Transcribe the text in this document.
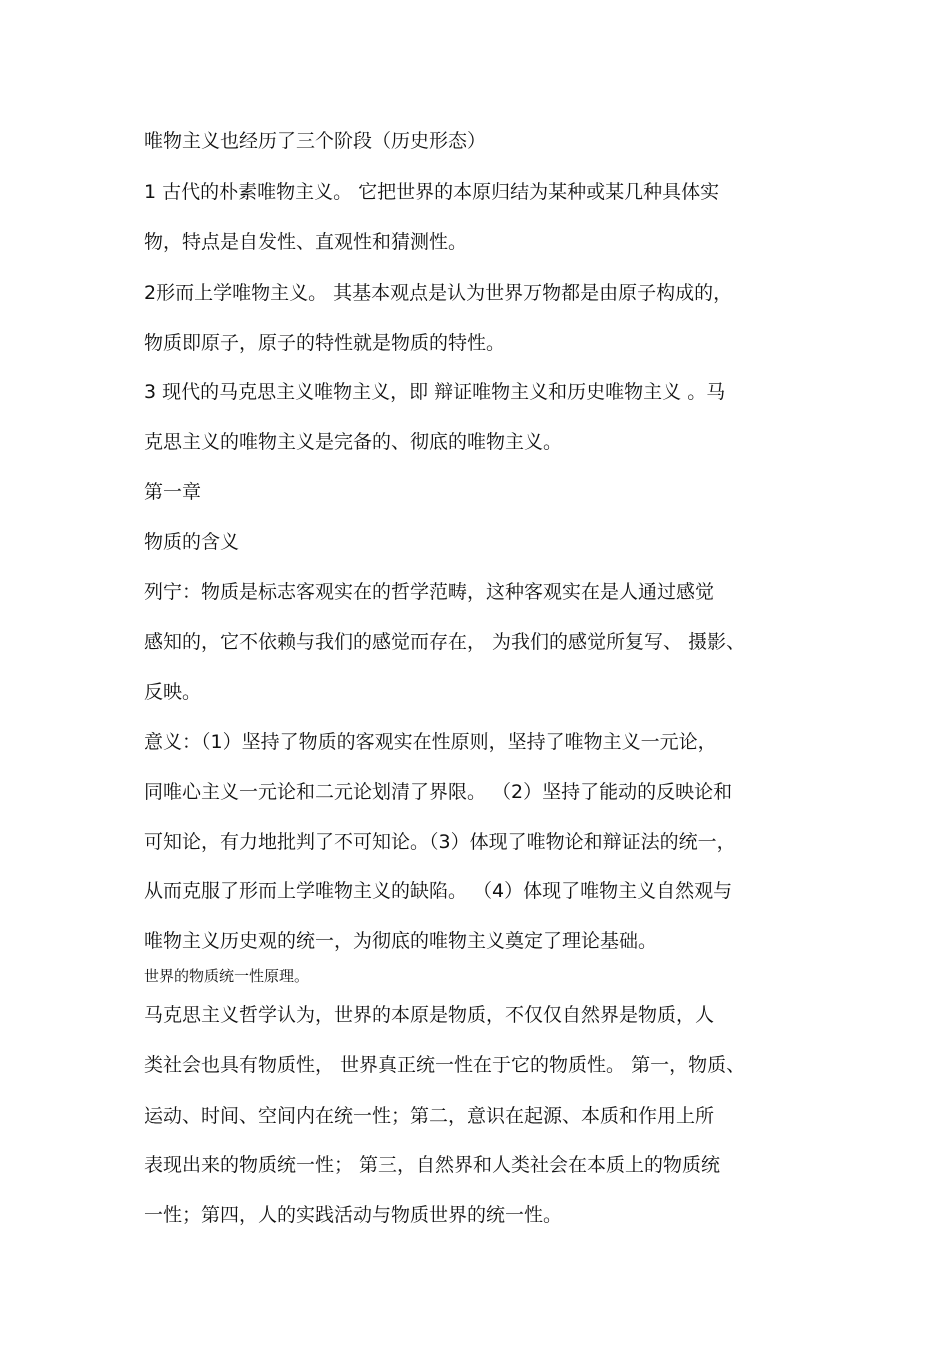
唯物主义也经历了三个阶段（历史形态）

1 古代的朴素唯物主义。 它把世界的本原归结为某种或某几种具体实

物，特点是自发性、直观性和猜测性。

2形而上学唯物主义。 其基本观点是认为世界万物都是由原子构成的，

物质即原子，原子的特性就是物质的特性。

3 现代的马克思主义唯物主义，即 辩证唯物主义和历史唯物主义 。马

克思主义的唯物主义是完备的、彻底的唯物主义。

第一章

物质的含义

列宁：物质是标志客观实在的哲学范畴，这种客观实在是人通过感觉

感知的，它不依赖与我们的感觉而存在， 为我们的感觉所复写、 摄影、

反映。

意义：（1）坚持了物质的客观实在性原则，坚持了唯物主义一元论，

同唯心主义一元论和二元论划清了界限。 （2）坚持了能动的反映论和

可知论，有力地批判了不可知论。（3）体现了唯物论和辩证法的统一，

从而克服了形而上学唯物主义的缺陷。 （4）体现了唯物主义自然观与

唯物主义历史观的统一，为彻底的唯物主义奠定了理论基础。

世界的物质统一性原理。

马克思主义哲学认为，世界的本原是物质，不仅仅自然界是物质，人

类社会也具有物质性， 世界真正统一性在于它的物质性。 第一，物质、

运动、时间、空间内在统一性；第二，意识在起源、本质和作用上所

表现出来的物质统一性； 第三，自然界和人类社会在本质上的物质统

一性；第四，人的实践活动与物质世界的统一性。
